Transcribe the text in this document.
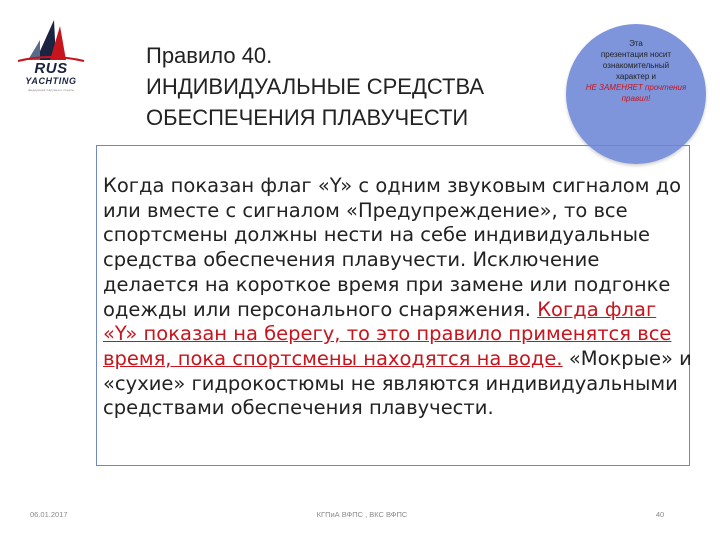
RUS
YACHTING
федерация парусного спорта
Правило 40.
ИНДИВИДУАЛЬНЫЕ СРЕДСТВА
ОБЕСПЕЧЕНИЯ ПЛАВУЧЕСТИ
Эта
презентация носит
ознакомительный
характер и
НЕ ЗАМЕНЯЕТ прочтения
правил!
Когда показан флаг «Y» с одним звуковым сигналом до или вместе с сигналом «Предупреждение», то все спортсмены должны нести на себе индивидуальные средства обеспечения плавучести. Исключение делается на короткое время при замене или подгонке одежды или персонального снаряжения. Когда флаг «Y» показан на берегу, то это правило применятся все время, пока спортсмены находятся на воде. «Мокрые» и «сухие» гидрокостюмы не являются индивидуальными средствами обеспечения плавучести.
06.01.2017	КГПиА ВФПС , ВКС ВФПС	40
